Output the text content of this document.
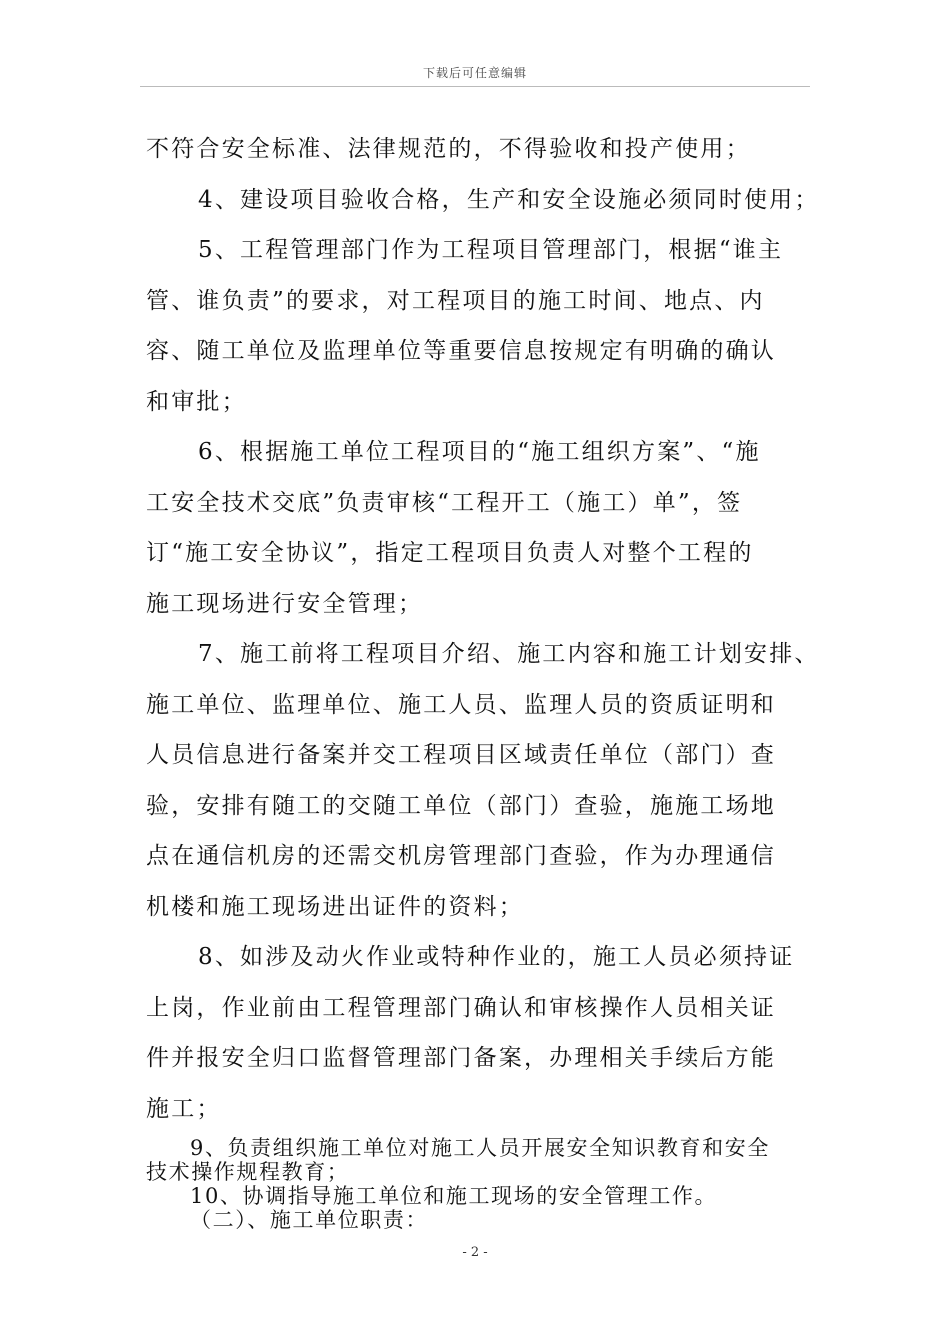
下载后可任意编辑

不符合安全标准、法律规范的，不得验收和投产使用；

4、建设项目验收合格，生产和安全设施必须同时使用；

5、工程管理部门作为工程项目管理部门，根据“谁主
管、谁负责”的要求，对工程项目的施工时间、地点、内
容、随工单位及监理单位等重要信息按规定有明确的确认
和审批；

6、根据施工单位工程项目的“施工组织方案”、“施
工安全技术交底”负责审核“工程开工（施工）单”，签
订“施工安全协议”，指定工程项目负责人对整个工程的
施工现场进行安全管理；

7、施工前将工程项目介绍、施工内容和施工计划安排、
施工单位、监理单位、施工人员、监理人员的资质证明和
人员信息进行备案并交工程项目区域责任单位（部门）查
验，安排有随工的交随工单位（部门）查验，施施工场地
点在通信机房的还需交机房管理部门查验，作为办理通信
机楼和施工现场进出证件的资料；

8、如涉及动火作业或特种作业的，施工人员必须持证
上岗，作业前由工程管理部门确认和审核操作人员相关证
件并报安全归口监督管理部门备案，办理相关手续后方能
施工；

9、负责组织施工单位对施工人员开展安全知识教育和安全
技术操作规程教育；

10、协调指导施工单位和施工现场的安全管理工作。

（二）、施工单位职责：

- 2 -
